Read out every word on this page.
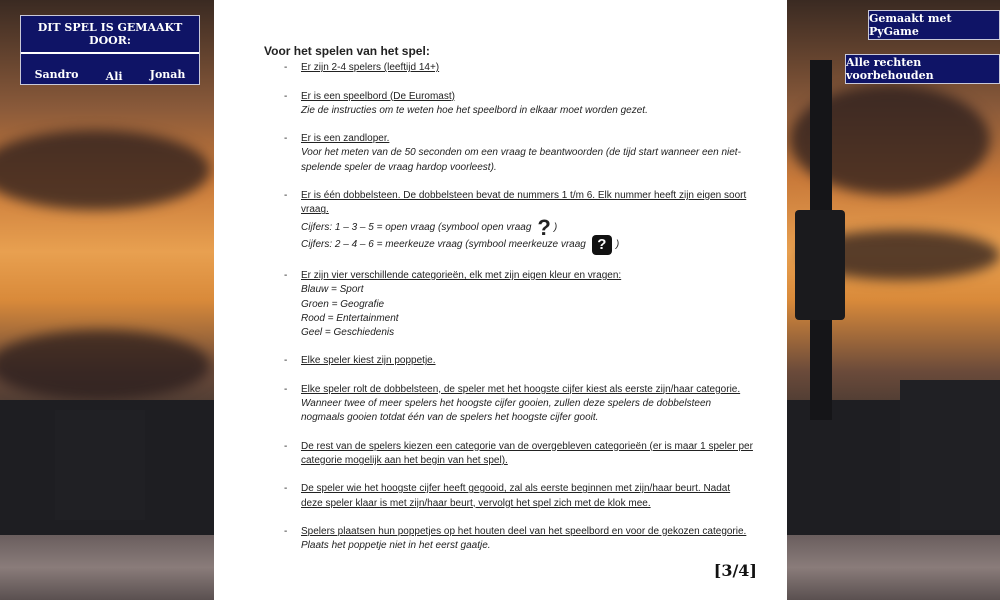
DIT SPEL IS GEMAAKT DOOR:
Sandro Ali Jonah
Gemaakt met PyGame
Alle rechten voorbehouden
Voor het spelen van het spel:
- Er zijn 2-4 spelers (leeftijd 14+)
- Er is een speelbord (De Euromast)
Zie de instructies om te weten hoe het speelbord in elkaar moet worden gezet.
- Er is een zandloper.
Voor het meten van de 50 seconden om een vraag te beantwoorden (de tijd start wanneer een niet-spelende speler de vraag hardop voorleest).
- Er is één dobbelsteen. De dobbelsteen bevat de nummers 1 t/m 6. Elk nummer heeft zijn eigen soort vraag.
Cijfers: 1 – 3 – 5 = open vraag (symbool open vraag ? )
Cijfers: 2 – 4 – 6 = meerkeuze vraag (symbool meerkeuze vraag ? )
- Er zijn vier verschillende categorieën, elk met zijn eigen kleur en vragen:
Blauw = Sport
Groen = Geografie
Rood = Entertainment
Geel = Geschiedenis
- Elke speler kiest zijn poppetje.
- Elke speler rolt de dobbelsteen, de speler met het hoogste cijfer kiest als eerste zijn/haar categorie.
Wanneer twee of meer spelers het hoogste cijfer gooien, zullen deze spelers de dobbelsteen nogmaals gooien totdat één van de spelers het hoogste cijfer gooit.
- De rest van de spelers kiezen een categorie van de overgebleven categorieën (er is maar 1 speler per categorie mogelijk aan het begin van het spel).
- De speler wie het hoogste cijfer heeft gegooid, zal als eerste beginnen met zijn/haar beurt. Nadat deze speler klaar is met zijn/haar beurt, vervolgt het spel zich met de klok mee.
- Spelers plaatsen hun poppetjes op het houten deel van het speelbord en voor de gekozen categorie.
Plaats het poppetje niet in het eerst gaatje.
[3/4]
